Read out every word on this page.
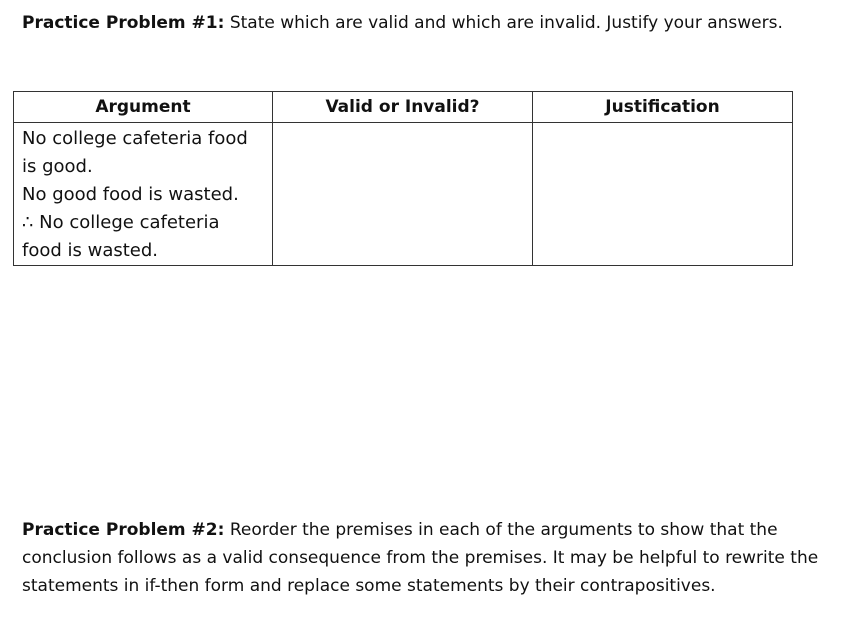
Practice Problem #1: State which are valid and which are invalid. Justify your answers.

Argument	Valid or Invalid?	Justification

No college cafeteria food
is good.
No good food is wasted.
∴ No college cafeteria
food is wasted.		

Practice Problem #2: Reorder the premises in each of the arguments to show that the conclusion follows as a valid consequence from the premises. It may be helpful to rewrite the statements in if-then form and replace some statements by their contrapositives.
